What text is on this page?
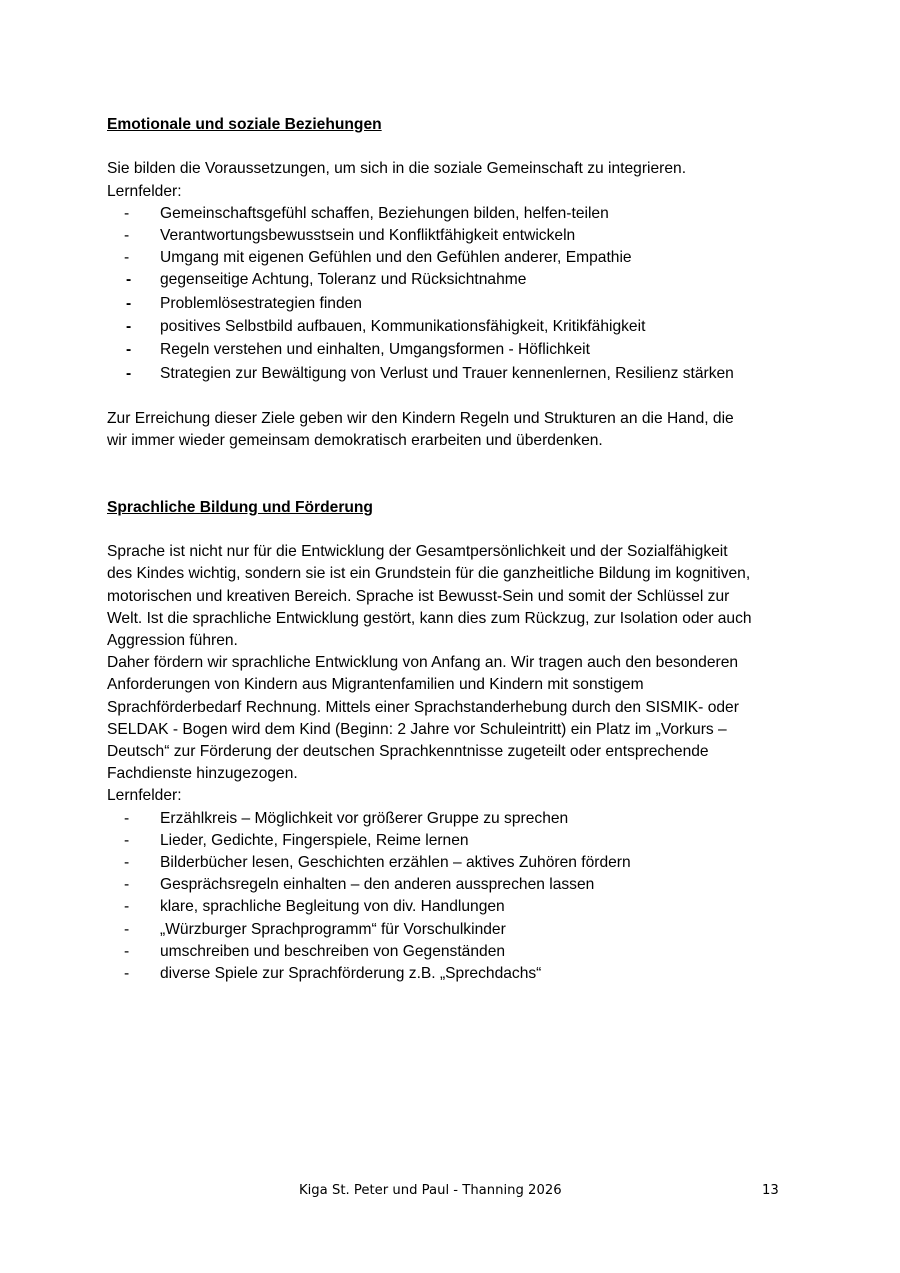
Emotionale und soziale Beziehungen

Sie bilden die Voraussetzungen, um sich in die soziale Gemeinschaft zu integrieren.

Lernfelder:

- Gemeinschaftsgefühl schaffen, Beziehungen bilden, helfen-teilen
- Verantwortungsbewusstsein und Konfliktfähigkeit entwickeln
- Umgang mit eigenen Gefühlen und den Gefühlen anderer, Empathie
- gegenseitige Achtung, Toleranz und Rücksichtnahme
- Problemlösestrategien finden
- positives Selbstbild aufbauen, Kommunikationsfähigkeit, Kritikfähigkeit
- Regeln verstehen und einhalten, Umgangsformen - Höflichkeit
- Strategien zur Bewältigung von Verlust und Trauer kennenlernen, Resilienz stärken

Zur Erreichung dieser Ziele geben wir den Kindern Regeln und Strukturen an die Hand, die

wir immer wieder gemeinsam demokratisch erarbeiten und überdenken.

Sprachliche Bildung und Förderung

Sprache ist nicht nur für die Entwicklung der Gesamtpersönlichkeit und der Sozialfähigkeit

des Kindes wichtig, sondern sie ist ein Grundstein für die ganzheitliche Bildung im kognitiven,

motorischen und kreativen Bereich. Sprache ist Bewusst-Sein und somit der Schlüssel zur

Welt. Ist die sprachliche Entwicklung gestört, kann dies zum Rückzug, zur Isolation oder auch

Aggression führen.

Daher fördern wir sprachliche Entwicklung von Anfang an. Wir tragen auch den besonderen

Anforderungen von Kindern aus Migrantenfamilien und Kindern mit sonstigem

Sprachförderbedarf Rechnung. Mittels einer Sprachstanderhebung durch den SISMIK- oder

SELDAK - Bogen wird dem Kind (Beginn: 2 Jahre vor Schuleintritt) ein Platz im „Vorkurs –

Deutsch“ zur Förderung der deutschen Sprachkenntnisse zugeteilt oder entsprechende

Fachdienste hinzugezogen.

Lernfelder:

- Erzählkreis – Möglichkeit vor größerer Gruppe zu sprechen
- Lieder, Gedichte, Fingerspiele, Reime lernen
- Bilderbücher lesen, Geschichten erzählen – aktives Zuhören fördern
- Gesprächsregeln einhalten – den anderen aussprechen lassen
- klare, sprachliche Begleitung von div. Handlungen
- „Würzburger Sprachprogramm“ für Vorschulkinder
- umschreiben und beschreiben von Gegenständen
- diverse Spiele zur Sprachförderung z.B. „Sprechdachs“
Kiga St. Peter und Paul - Thanning 2026	13
